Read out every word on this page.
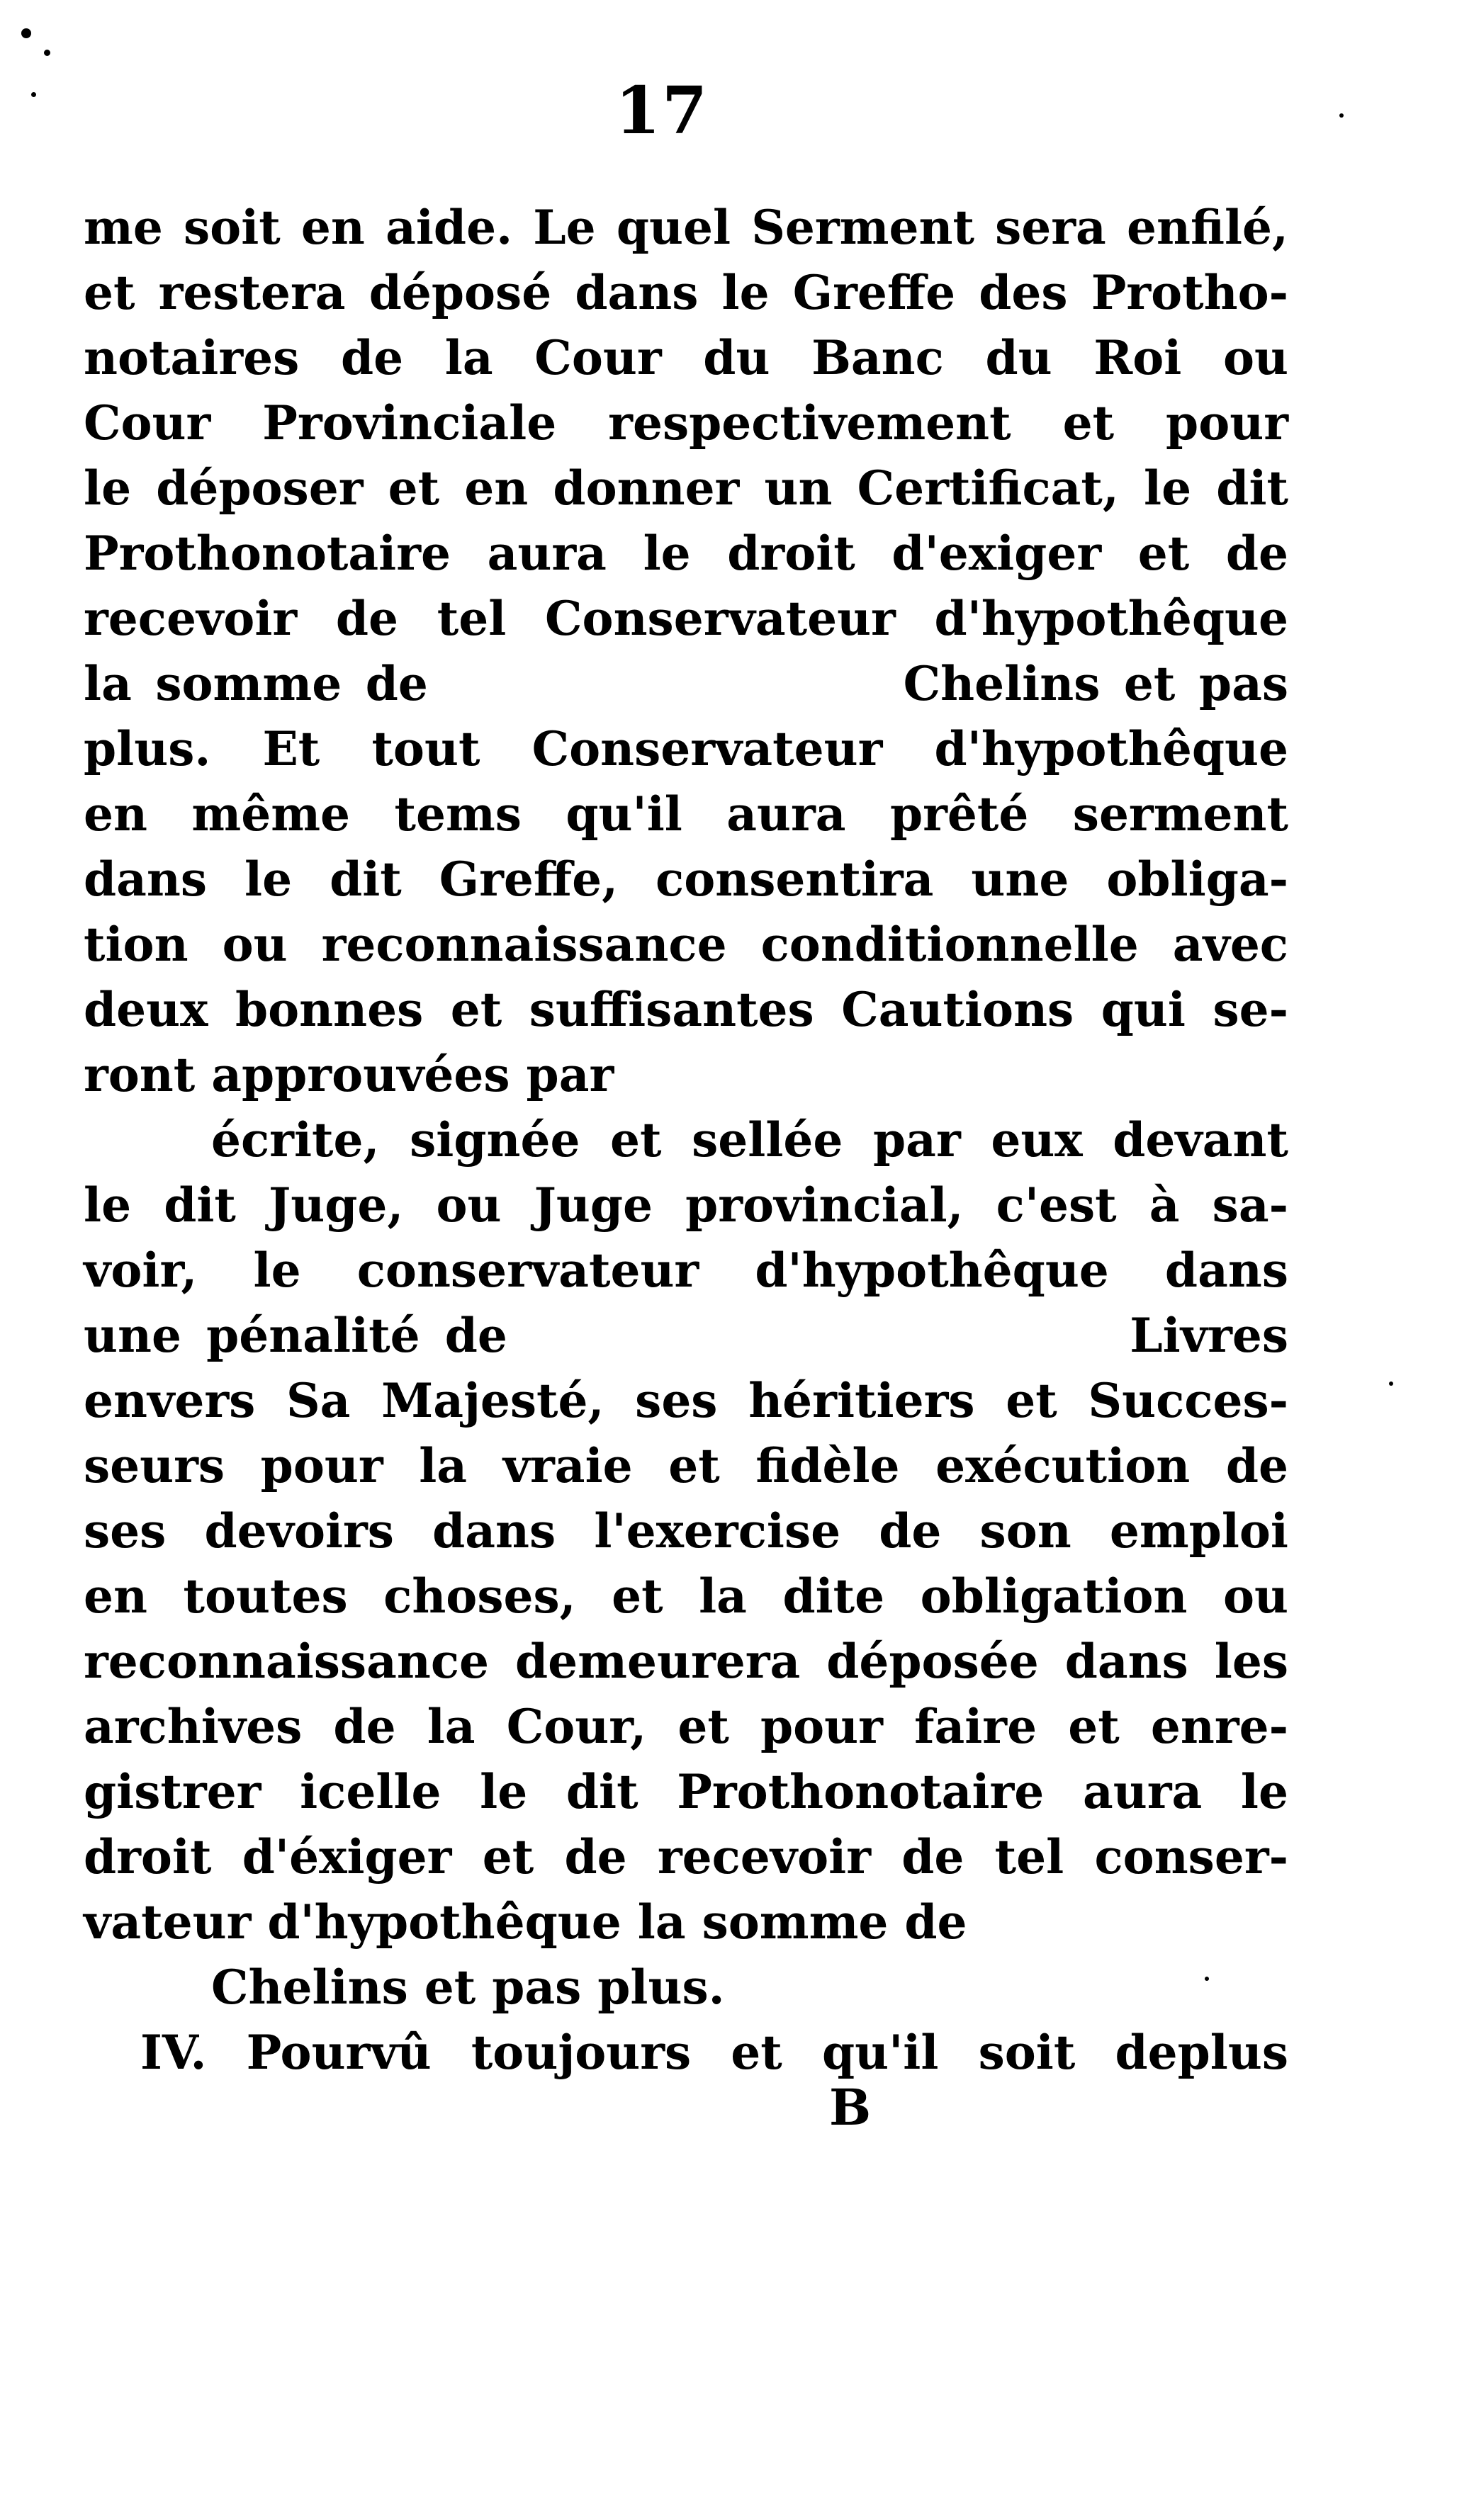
17
me soit en aide. Le quel Serment sera enfilé,
et restera déposé dans le Greffe des Protho-
notaires de la Cour du Banc du Roi ou
Cour Provinciale respectivement et pour
le déposer et en donner un Certificat, le dit
Prothonotaire aura le droit d'exiger et de
recevoir de tel Conservateur d'hypothêque
la somme de                    Chelins et pas
plus. Et tout Conservateur d'hypothêque
en même tems qu'il aura prêté serment
dans le dit Greffe, consentira une obliga-
tion ou reconnaissance conditionnelle avec
deux bonnes et suffisantes Cautions qui se-
ront approuvées par
écrite, signée et sellée par eux devant
le dit Juge, ou Juge provincial, c'est à sa-
voir, le conservateur d'hypothêque dans
une pénalité de                         Livres
envers Sa Majesté, ses héritiers et Succes-
seurs pour la vraie et fidèle exécution de
ses devoirs dans l'exercise de son emploi
en toutes choses, et la dite obligation ou
reconnaissance demeurera déposée dans les
archives de la Cour, et pour faire et enre-
gistrer icelle le dit Prothonotaire aura le
droit d'éxiger et de recevoir de tel conser-
vateur d'hypothêque la somme de
Chelins et pas plus.
IV. Pourvû toujours et qu'il soit deplus
B
